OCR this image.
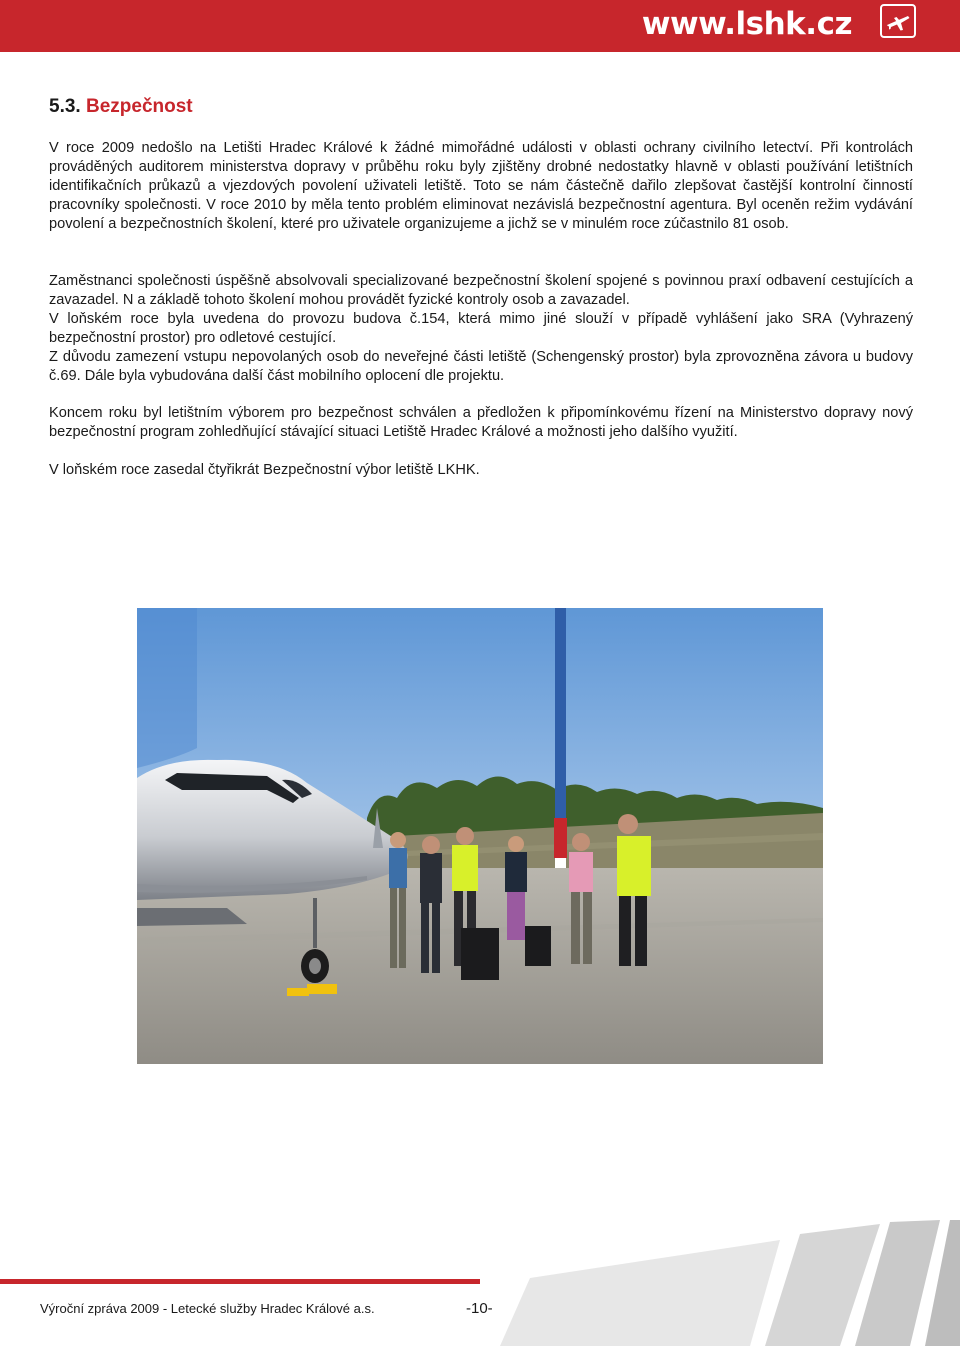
www.lshk.cz
5.3. Bezpečnost

V roce 2009 nedošlo na Letišti Hradec Králové k žádné mimořádné události v oblasti ochrany civilního letectví. Při kontrolách prováděných auditorem ministerstva dopravy v průběhu roku byly zjištěny drobné nedostatky hlavně v oblasti používání letištních identifikačních průkazů a vjezdových povolení uživateli letiště. Toto se nám částečně dařilo zlepšovat častější kontrolní činností pracovníky společnosti. V roce 2010 by měla tento problém eliminovat nezávislá bezpečnostní agentura. Byl oceněn režim vydávání povolení a bezpečnostních školení, které pro uživatele organizujeme a jichž se v minulém roce zúčastnilo 81 osob.

Zaměstnanci společnosti úspěšně absolvovali specializované bezpečnostní školení spojené s povinnou praxí odbavení cestujících a zavazadel. N a základě tohoto školení mohou provádět fyzické kontroly osob a zavazadel.

V loňském roce byla uvedena do provozu budova č.154, která mimo jiné slouží v případě vyhlášení jako SRA (Vyhrazený bezpečnostní prostor) pro odletové cestující.

Z důvodu zamezení vstupu nepovolaných osob do neveřejné části letiště (Schengenský prostor) byla zprovozněna závora u budovy č.69. Dále byla vybudována další část mobilního oplocení dle projektu.

Koncem roku byl letištním výborem pro bezpečnost schválen a předložen k připomínkovému řízení na Ministerstvo dopravy nový bezpečnostní program zohledňující stávající situaci Letiště Hradec Králové a možnosti jeho dalšího využití.

V loňském roce zasedal čtyřikrát Bezpečnostní výbor letiště LKHK.

Výroční zpráva 2009 - Letecké služby Hradec Králové a.s.	-10-
